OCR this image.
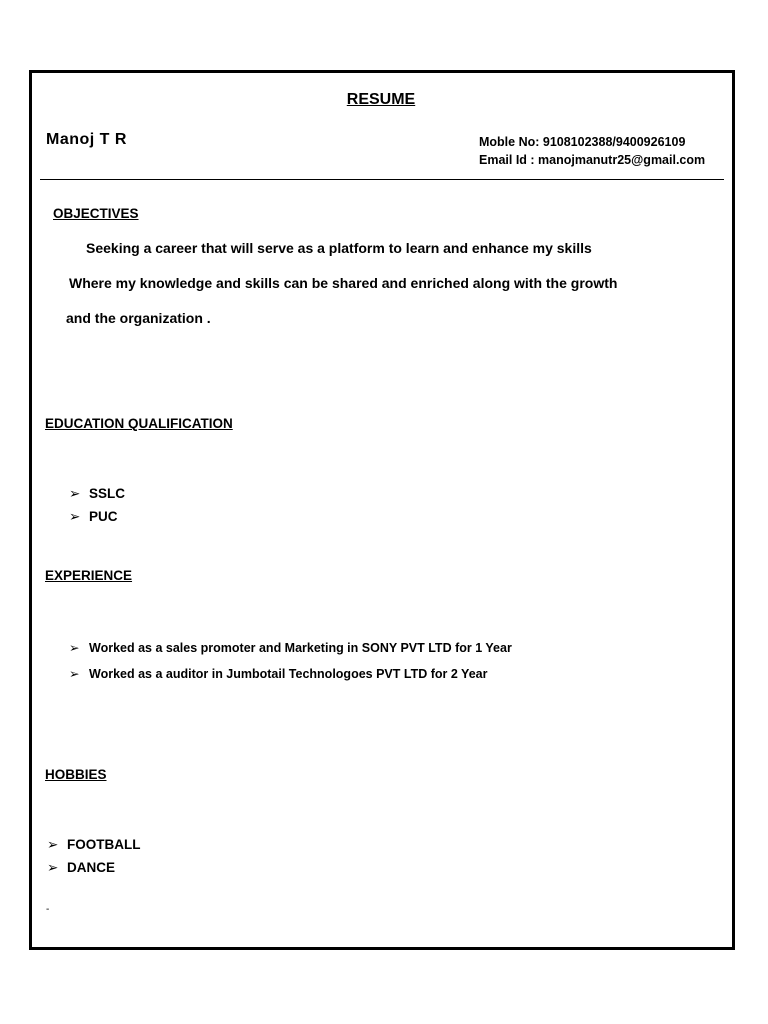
RESUME
Manoj T R	Moble No: 9108102388/9400926109
Email Id : manojmanutr25@gmail.com
OBJECTIVES
Seeking a career that will serve as a platform to learn and enhance my skills
Where my knowledge and skills can be shared and enriched along with the growth
and the organization .
EDUCATION QUALIFICATION
➢ SSLC
➢ PUC
EXPERIENCE
➢ Worked as a sales promoter and Marketing in SONY PVT LTD for 1 Year
➢ Worked as a auditor in Jumbotail Technologoes PVT LTD for 2 Year
HOBBIES
➢ FOOTBALL
➢ DANCE
-
